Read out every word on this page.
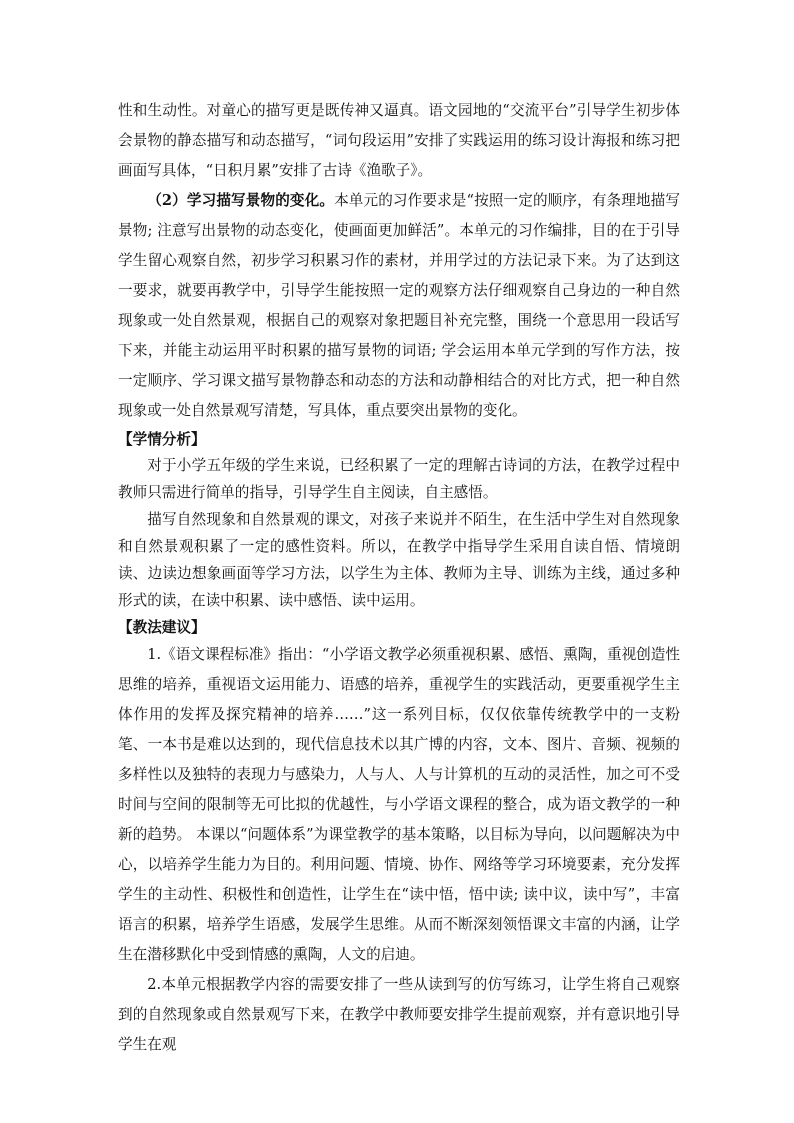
性和生动性。对童心的描写更是既传神又逼真。语文园地的“交流平台”引导学生初步体会景物的静态描写和动态描写，“词句段运用”安排了实践运用的练习设计海报和练习把画面写具体，“日积月累”安排了古诗《渔歌子》。

（2）学习描写景物的变化。本单元的习作要求是“按照一定的顺序，有条理地描写景物; 注意写出景物的动态变化，使画面更加鲜活”。本单元的习作编排，目的在于引导学生留心观察自然，初步学习积累习作的素材，并用学过的方法记录下来。为了达到这一要求，就要再教学中，引导学生能按照一定的观察方法仔细观察自己身边的一种自然现象或一处自然景观，根据自己的观察对象把题目补充完整，围绕一个意思用一段话写下来，并能主动运用平时积累的描写景物的词语; 学会运用本单元学到的写作方法，按一定顺序、学习课文描写景物静态和动态的方法和动静相结合的对比方式，把一种自然现象或一处自然景观写清楚，写具体，重点要突出景物的变化。

【学情分析】

对于小学五年级的学生来说，已经积累了一定的理解古诗词的方法，在教学过程中教师只需进行简单的指导，引导学生自主阅读，自主感悟。

描写自然现象和自然景观的课文，对孩子来说并不陌生，在生活中学生对自然现象和自然景观积累了一定的感性资料。所以，在教学中指导学生采用自读自悟、情境朗读、边读边想象画面等学习方法，以学生为主体、教师为主导、训练为主线，通过多种形式的读，在读中积累、读中感悟、读中运用。

【教法建议】

1.《语文课程标准》指出：“小学语文教学必须重视积累、感悟、熏陶，重视创造性思维的培养，重视语文运用能力、语感的培养，重视学生的实践活动，更要重视学生主体作用的发挥及探究精神的培养……”这一系列目标，仅仅依靠传统教学中的一支粉笔、一本书是难以达到的，现代信息技术以其广博的内容，文本、图片、音频、视频的多样性以及独特的表现力与感染力，人与人、人与计算机的互动的灵活性，加之可不受时间与空间的限制等无可比拟的优越性，与小学语文课程的整合，成为语文教学的一种新的趋势。 本课以“问题体系”为课堂教学的基本策略，以目标为导向，以问题解决为中心，以培养学生能力为目的。利用问题、情境、协作、网络等学习环境要素，充分发挥学生的主动性、积极性和创造性，让学生在“读中悟，悟中读; 读中议，读中写”，丰富语言的积累，培养学生语感，发展学生思维。从而不断深刻领悟课文丰富的内涵，让学生在潜移默化中受到情感的熏陶，人文的启迪。

2.本单元根据教学内容的需要安排了一些从读到写的仿写练习，让学生将自己观察到的自然现象或自然景观写下来，在教学中教师要安排学生提前观察，并有意识地引导学生在观
